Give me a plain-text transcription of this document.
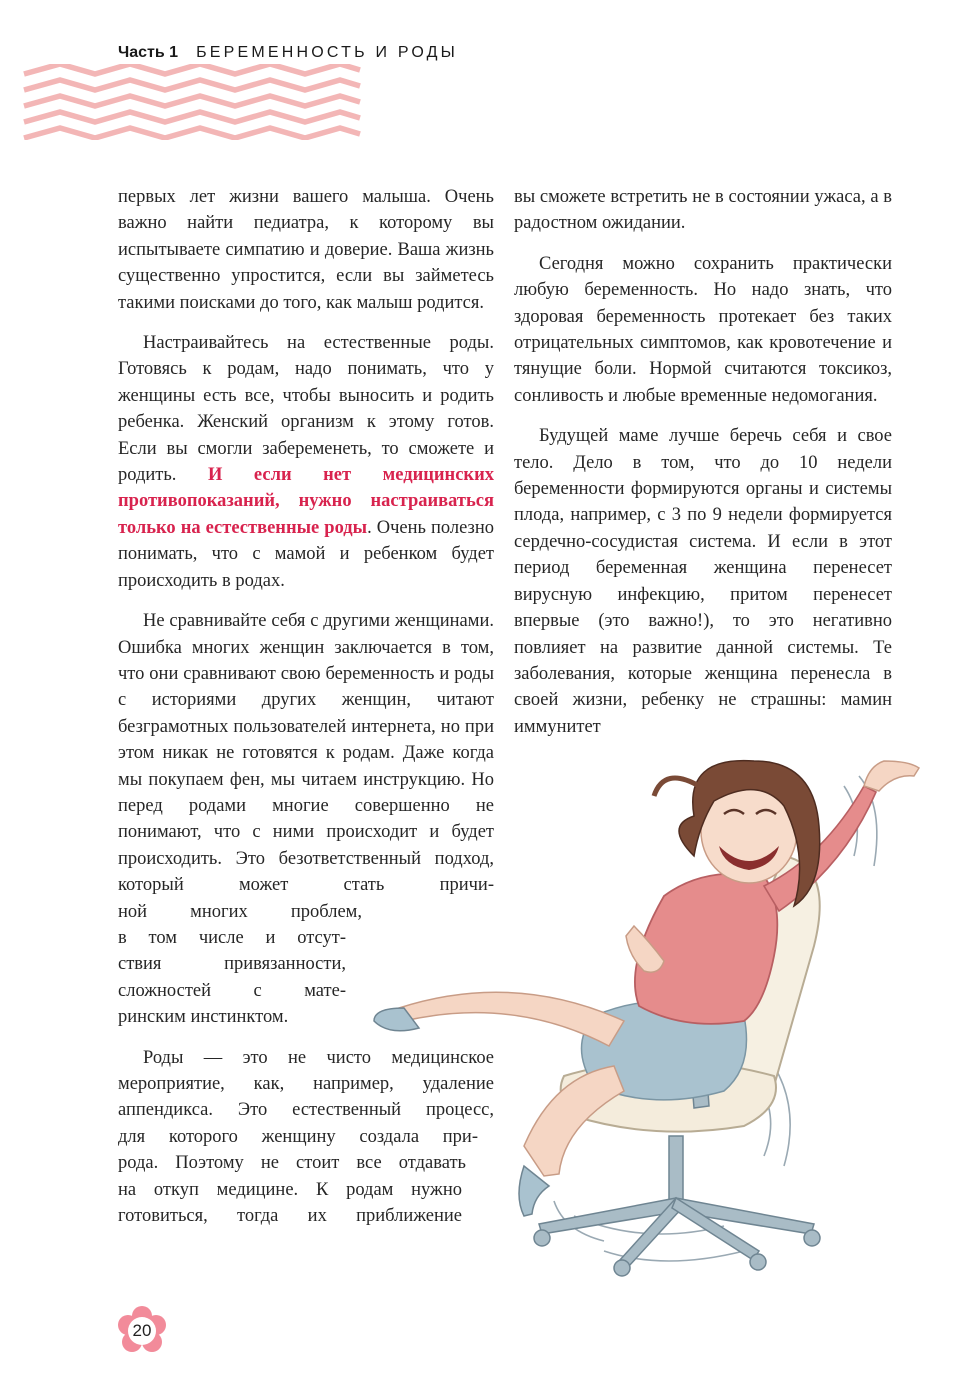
Часть 1 БЕРЕМЕННОСТЬ И РОДЫ

первых лет жизни вашего малыша. Очень важно найти педиатра, к которому вы испытываете симпатию и доверие. Ваша жизнь существенно упростится, если вы займетесь такими поисками до того, как малыш родится.

Настраивайтесь на естественные роды. Готовясь к родам, надо понимать, что у женщины есть все, чтобы выносить и родить ребенка. Женский организм к этому готов. Если вы смогли забеременеть, то сможете и родить. И если нет медицинских противопоказаний, нужно настраиваться только на естественные роды. Очень полезно понимать, что с мамой и ребенком будет происходить в родах.

Не сравнивайте себя с другими женщинами. Ошибка многих женщин заключается в том, что они сравнивают свою беременность и роды с историями других женщин, читают безграмотных пользователей интернета, но при этом никак не готовятся к родам. Даже когда мы покупаем фен, мы читаем инструкцию. Но перед родами многие совершенно не понимают, что с ними происходит и будет происходить. Это безответственный подход, который может стать причи-
ной многих проблем,
в том числе и отсут-
ствия привязанности,
сложностей с мате-
ринским инстинктом.
Роды — это не чисто медицинское
мероприятие, как, например, удаление
аппендикса. Это естественный процесс,
для которого женщину создала при-
рода. Поэтому не стоит все отдавать
на откуп медицине. К родам нужно
готовиться, тогда их приближение

вы сможете встретить не в состоянии ужаса, а в радостном ожидании.

Сегодня можно сохранить практически любую беременность. Но надо знать, что здоровая беременность протекает без таких отрицательных симптомов, как кровотечение и тянущие боли. Нормой считаются токсикоз, сонливость и любые временные недомогания.

Будущей маме лучше беречь себя и свое тело. Дело в том, что до 10 недели беременности формируются органы и системы плода, например, с 3 по 9 недели формируется сердечно-сосудистая система. И если в этот период беременная женщина перенесет вирусную инфекцию, притом перенесет впервые (это важно!), то это негативно повлияет на развитие данной системы. Те заболевания, которые женщина перенесла в своей жизни, ребенку не страшны: мамин иммунитет

20
